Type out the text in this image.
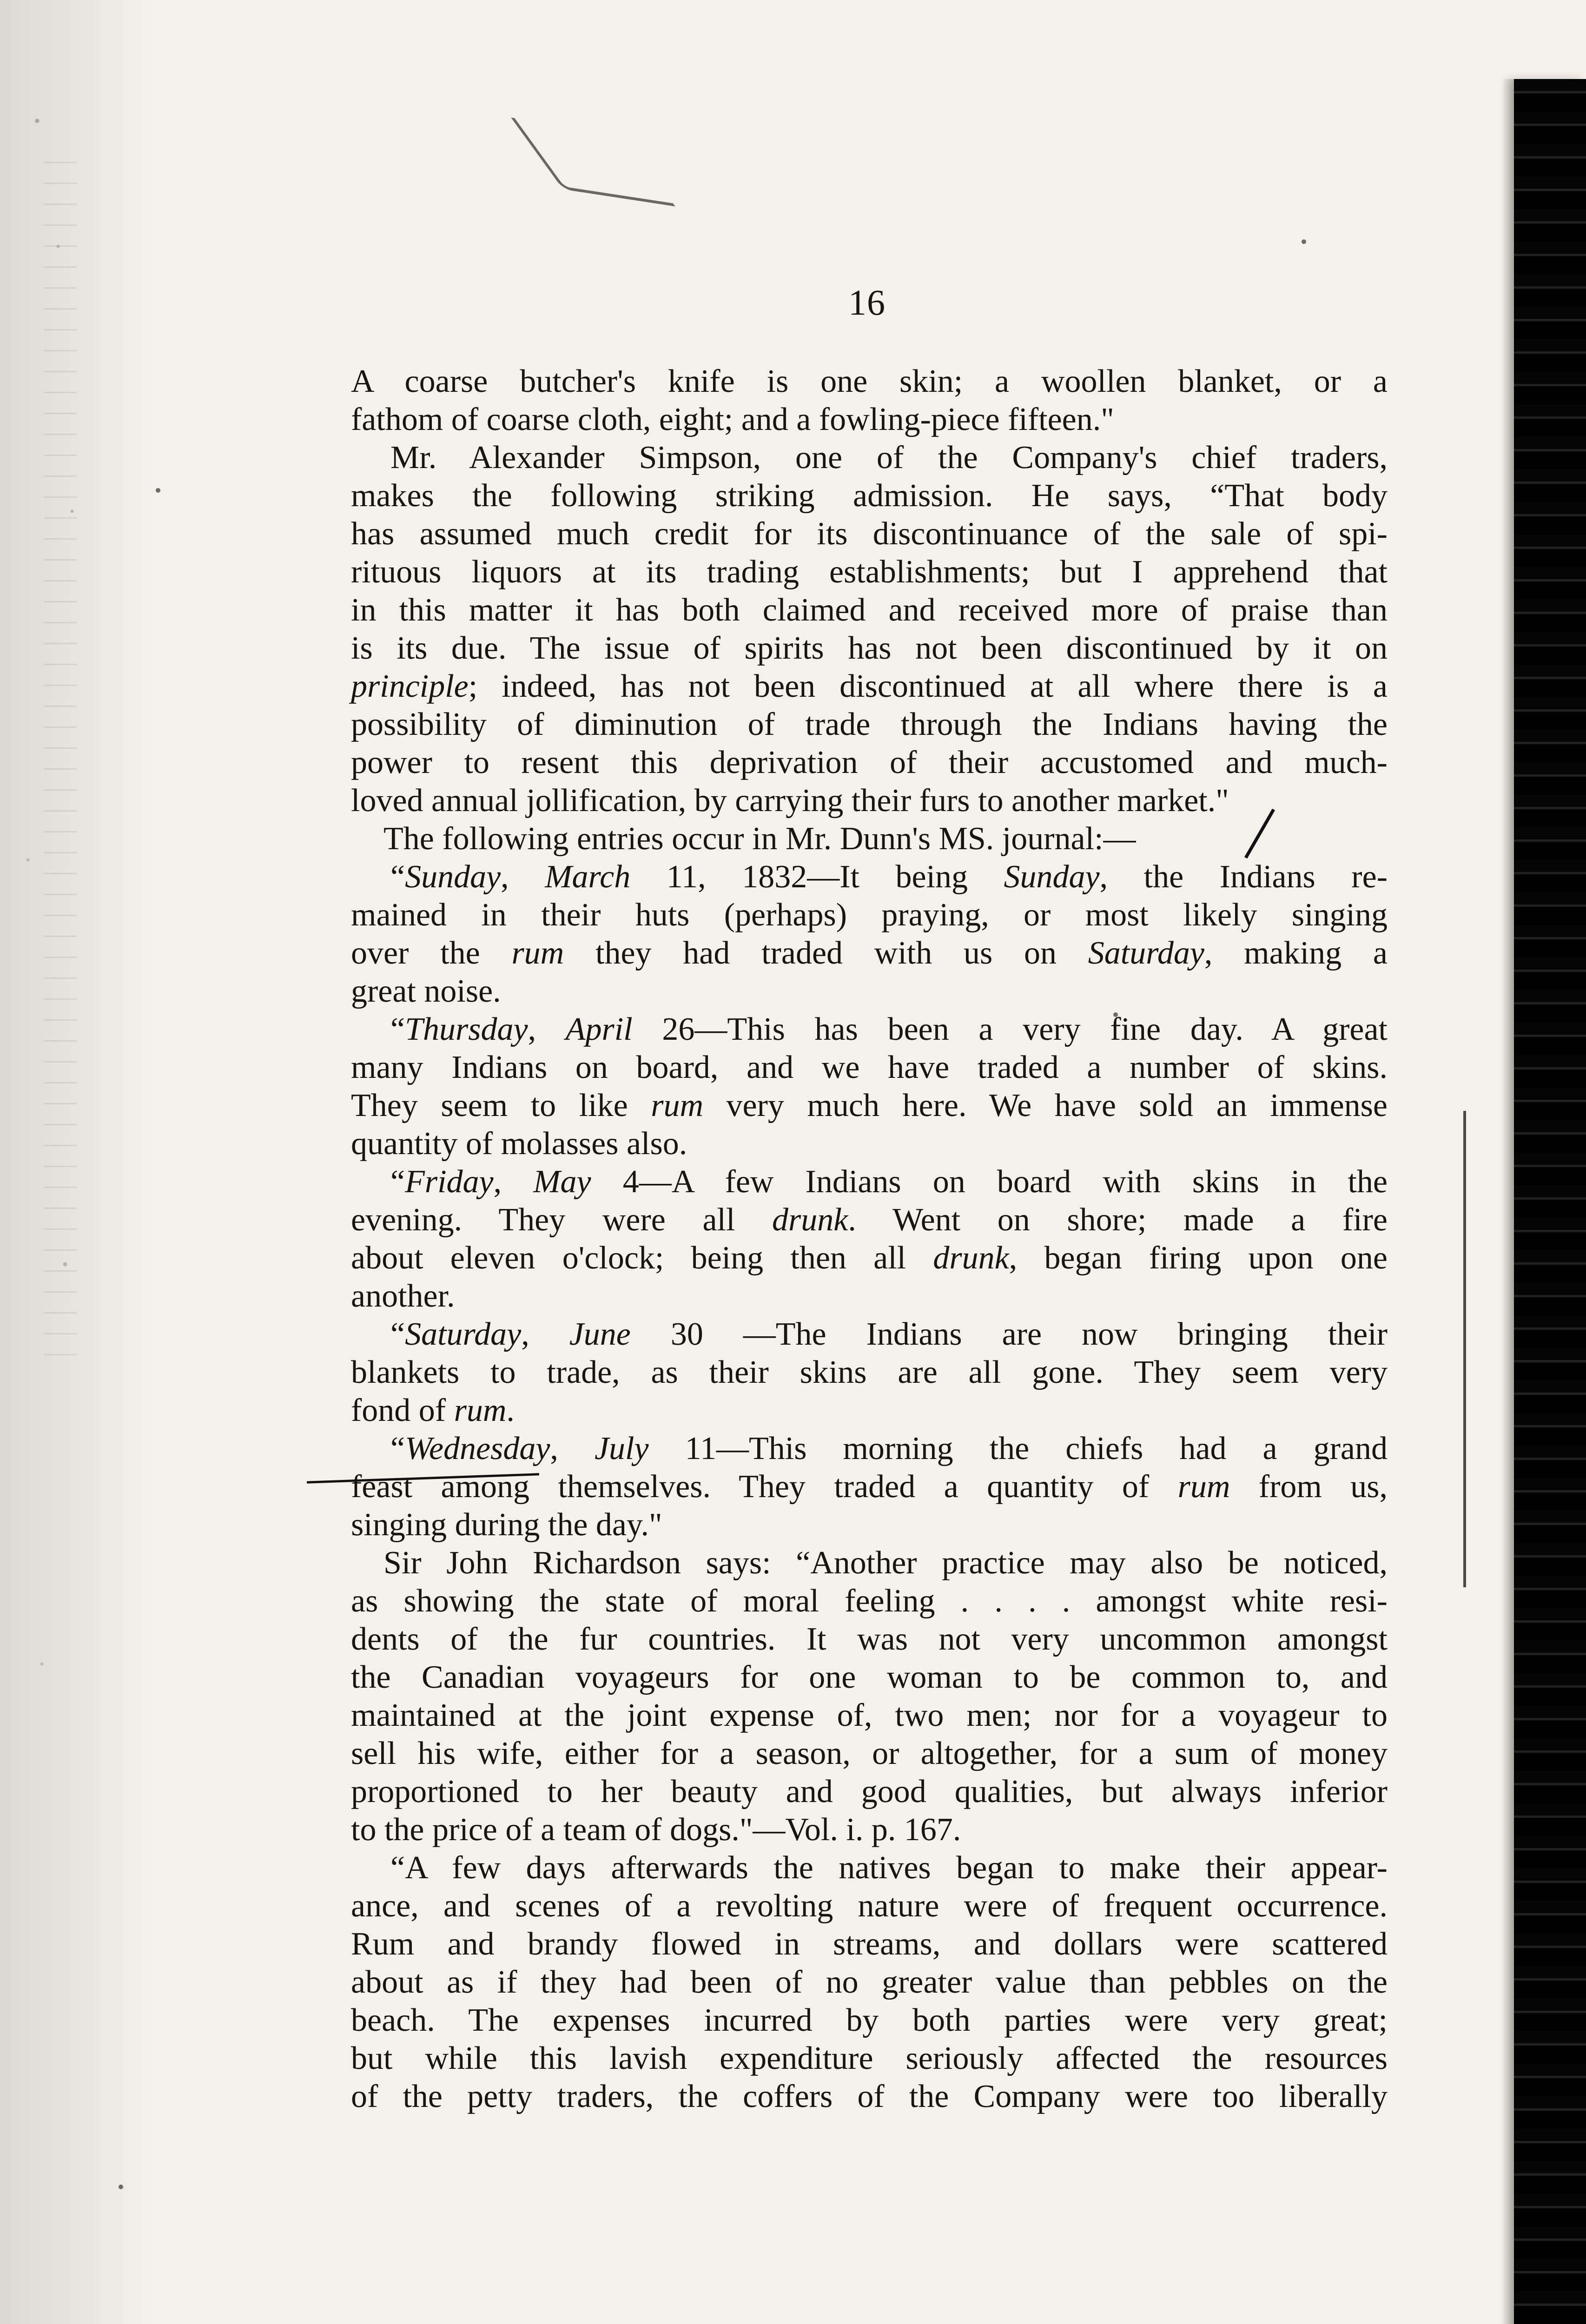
16
A coarse butcher's knife is one skin; a woollen blanket, or a
fathom of coarse cloth, eight; and a fowling-piece fifteen."
Mr. Alexander Simpson, one of the Company's chief traders,
makes the following striking admission. He says, “That body
has assumed much credit for its discontinuance of the sale of spi-
rituous liquors at its trading establishments; but I apprehend that
in this matter it has both claimed and received more of praise than
is its due. The issue of spirits has not been discontinued by it on
principle; indeed, has not been discontinued at all where there is a
possibility of diminution of trade through the Indians having the
power to resent this deprivation of their accustomed and much-
loved annual jollification, by carrying their furs to another market."
The following entries occur in Mr. Dunn's MS. journal:—
“Sunday, March 11, 1832—It being Sunday, the Indians re-
mained in their huts (perhaps) praying, or most likely singing
over the rum they had traded with us on Saturday, making a
great noise.
“Thursday, April 26—This has been a very fine day. A great
many Indians on board, and we have traded a number of skins.
They seem to like rum very much here. We have sold an immense
quantity of molasses also.
“Friday, May 4—A few Indians on board with skins in the
evening. They were all drunk. Went on shore; made a fire
about eleven o'clock; being then all drunk, began firing upon one
another.
“Saturday, June 30 —The Indians are now bringing their
blankets to trade, as their skins are all gone. They seem very
fond of rum.
“Wednesday, July 11—This morning the chiefs had a grand
feast among themselves. They traded a quantity of rum from us,
singing during the day."
Sir John Richardson says: “Another practice may also be noticed,
as showing the state of moral feeling . . . . amongst white resi-
dents of the fur countries. It was not very uncommon amongst
the Canadian voyageurs for one woman to be common to, and
maintained at the joint expense of, two men; nor for a voyageur to
sell his wife, either for a season, or altogether, for a sum of money
proportioned to her beauty and good qualities, but always inferior
to the price of a team of dogs."—Vol. i. p. 167.
“A few days afterwards the natives began to make their appear-
ance, and scenes of a revolting nature were of frequent occurrence.
Rum and brandy flowed in streams, and dollars were scattered
about as if they had been of no greater value than pebbles on the
beach. The expenses incurred by both parties were very great;
but while this lavish expenditure seriously affected the resources
of the petty traders, the coffers of the Company were too liberally
